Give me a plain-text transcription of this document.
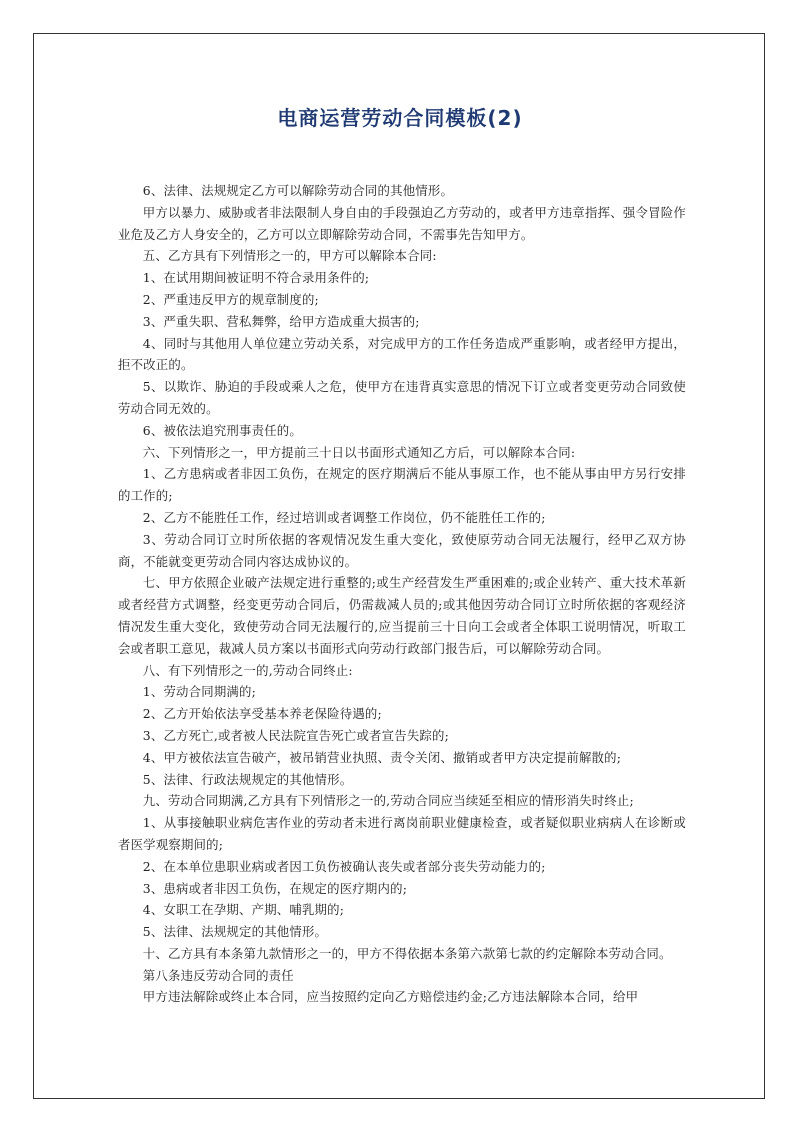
电商运营劳动合同模板(2)

6、法律、法规规定乙方可以解除劳动合同的其他情形。

甲方以暴力、威胁或者非法限制人身自由的手段强迫乙方劳动的，或者甲方违章指挥、强令冒险作业危及乙方人身安全的，乙方可以立即解除劳动合同，不需事先告知甲方。

五、乙方具有下列情形之一的，甲方可以解除本合同:

1、在试用期间被证明不符合录用条件的;

2、严重违反甲方的规章制度的;

3、严重失职、营私舞弊，给甲方造成重大损害的;

4、同时与其他用人单位建立劳动关系，对完成甲方的工作任务造成严重影响，或者经甲方提出，拒不改正的。

5、以欺诈、胁迫的手段或乘人之危，使甲方在违背真实意思的情况下订立或者变更劳动合同致使劳动合同无效的。

6、被依法追究刑事责任的。

六、下列情形之一，甲方提前三十日以书面形式通知乙方后，可以解除本合同:

1、乙方患病或者非因工负伤，在规定的医疗期满后不能从事原工作，也不能从事由甲方另行安排的工作的;

2、乙方不能胜任工作，经过培训或者调整工作岗位，仍不能胜任工作的;

3、劳动合同订立时所依据的客观情况发生重大变化，致使原劳动合同无法履行，经甲乙双方协商，不能就变更劳动合同内容达成协议的。

七、甲方依照企业破产法规定进行重整的;或生产经营发生严重困难的;或企业转产、重大技术革新或者经营方式调整，经变更劳动合同后，仍需裁减人员的;或其他因劳动合同订立时所依据的客观经济情况发生重大变化，致使劳动合同无法履行的,应当提前三十日向工会或者全体职工说明情况，听取工会或者职工意见，裁减人员方案以书面形式向劳动行政部门报告后，可以解除劳动合同。

八、有下列情形之一的,劳动合同终止:

1、劳动合同期满的;

2、乙方开始依法享受基本养老保险待遇的;

3、乙方死亡,或者被人民法院宣告死亡或者宣告失踪的;

4、甲方被依法宣告破产，被吊销营业执照、责令关闭、撤销或者甲方决定提前解散的;

5、法律、行政法规规定的其他情形。

九、劳动合同期满,乙方具有下列情形之一的,劳动合同应当续延至相应的情形消失时终止;

1、从事接触职业病危害作业的劳动者未进行离岗前职业健康检查，或者疑似职业病病人在诊断或者医学观察期间的;

2、在本单位患职业病或者因工负伤被确认丧失或者部分丧失劳动能力的;

3、患病或者非因工负伤，在规定的医疗期内的;

4、女职工在孕期、产期、哺乳期的;

5、法律、法规规定的其他情形。

十、乙方具有本条第九款情形之一的，甲方不得依据本条第六款第七款的约定解除本劳动合同。

第八条违反劳动合同的责任

甲方违法解除或终止本合同，应当按照约定向乙方赔偿违约金;乙方违法解除本合同，给甲
